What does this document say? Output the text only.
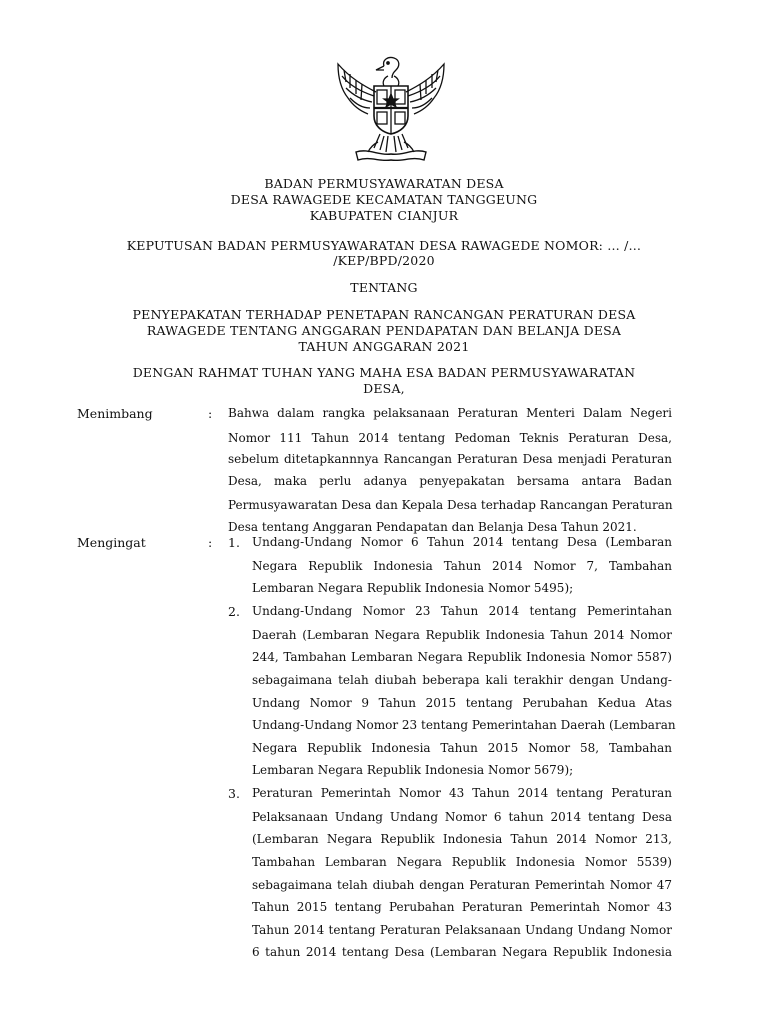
BADAN PERMUSYAWARATAN DESA
DESA RAWAGEDE KECAMATAN TANGGEUNG
KABUPATEN CIANJUR
KEPUTUSAN BADAN PERMUSYAWARATAN DESA RAWAGEDE NOMOR: … /…
/KEP/BPD/2020
TENTANG
PENYEPAKATAN TERHADAP PENETAPAN RANCANGAN PERATURAN DESA
RAWAGEDE TENTANG ANGGARAN PENDAPATAN DAN BELANJA DESA
TAHUN ANGGARAN 2021
DENGAN RAHMAT TUHAN YANG MAHA ESA BADAN PERMUSYAWARATAN
DESA,
Menimbang	: Bahwa dalam rangka pelaksanaan Peraturan Menteri Dalam Negeri
Nomor 111 Tahun 2014 tentang Pedoman Teknis Peraturan Desa,
sebelum ditetapkannnya Rancangan Peraturan Desa menjadi Peraturan
Desa, maka perlu adanya penyepakatan bersama antara Badan
Permusyawaratan Desa dan Kepala Desa terhadap Rancangan Peraturan
Desa tentang Anggaran Pendapatan dan Belanja Desa Tahun 2021.
Mengingat	: 1. Undang-Undang Nomor 6 Tahun 2014 tentang Desa (Lembaran
Negara Republik Indonesia Tahun 2014 Nomor 7, Tambahan
Lembaran Negara Republik Indonesia Nomor 5495);
2. Undang-Undang Nomor 23 Tahun 2014 tentang Pemerintahan
Daerah (Lembaran Negara Republik Indonesia Tahun 2014 Nomor
244, Tambahan Lembaran Negara Republik Indonesia Nomor 5587)
sebagaimana telah diubah beberapa kali terakhir dengan Undang-
Undang Nomor 9 Tahun 2015 tentang Perubahan Kedua Atas
Undang-Undang Nomor 23 tentang Pemerintahan Daerah (Lembaran
Negara Republik Indonesia Tahun 2015 Nomor 58, Tambahan
Lembaran Negara Republik Indonesia Nomor 5679);
3. Peraturan Pemerintah Nomor 43 Tahun 2014 tentang Peraturan
Pelaksanaan Undang Undang Nomor 6 tahun 2014 tentang Desa
(Lembaran Negara Republik Indonesia Tahun 2014 Nomor 213,
Tambahan Lembaran Negara Republik Indonesia Nomor 5539)
sebagaimana telah diubah dengan Peraturan Pemerintah Nomor 47
Tahun 2015 tentang Perubahan Peraturan Pemerintah Nomor 43
Tahun 2014 tentang Peraturan Pelaksanaan Undang Undang Nomor
6 tahun 2014 tentang Desa (Lembaran Negara Republik Indonesia
